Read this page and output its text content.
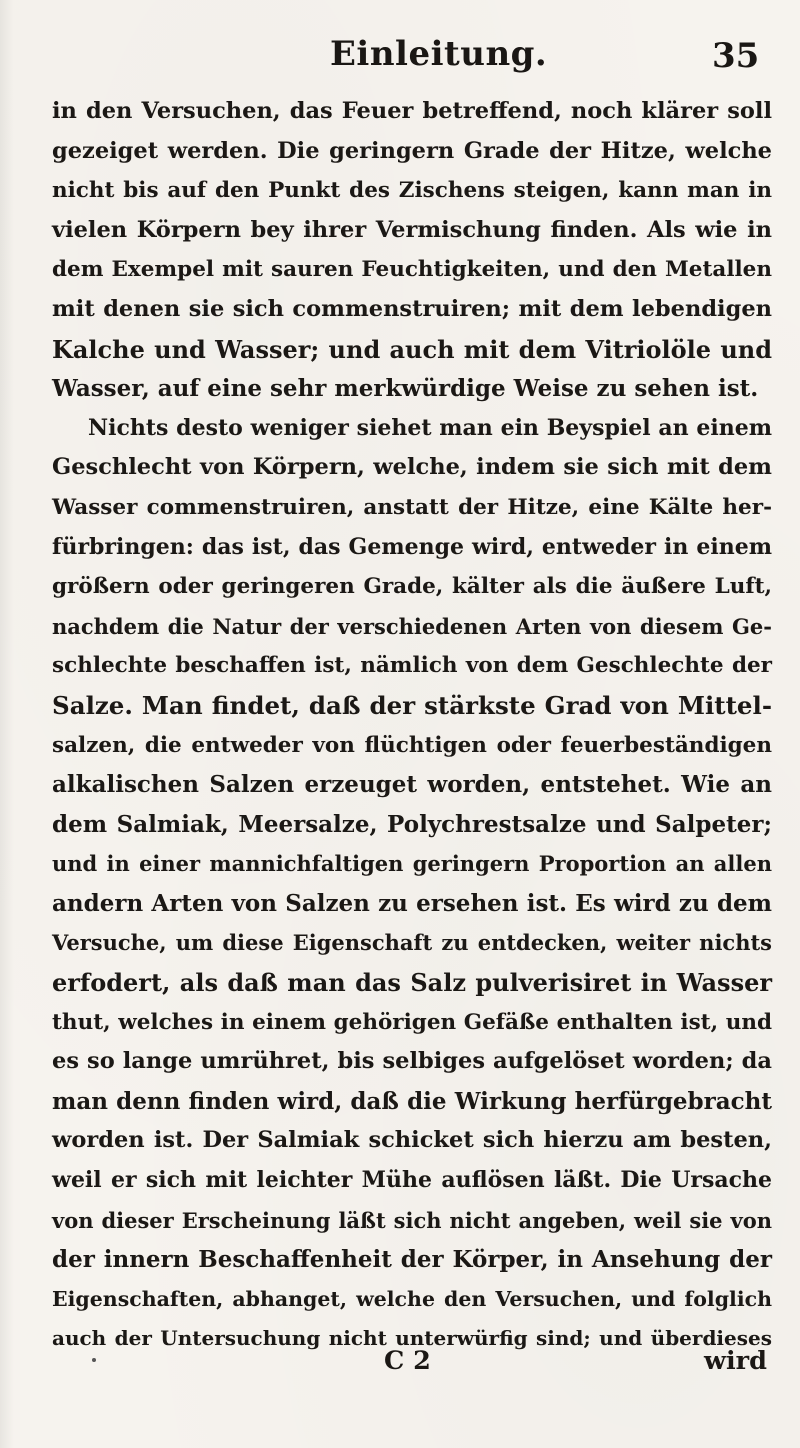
Einleitung.	35
in den Versuchen, das Feuer betreffend, noch klärer soll
gezeiget werden. Die geringern Grade der Hitze, welche
nicht bis auf den Punkt des Zischens steigen, kann man in
vielen Körpern bey ihrer Vermischung finden. Als wie in
dem Exempel mit sauren Feuchtigkeiten, und den Metallen
mit denen sie sich commenstruiren; mit dem lebendigen
Kalche und Wasser; und auch mit dem Vitriolöle und
Wasser, auf eine sehr merkwürdige Weise zu sehen ist.
Nichts desto weniger siehet man ein Beyspiel an einem
Geschlecht von Körpern, welche, indem sie sich mit dem
Wasser commenstruiren, anstatt der Hitze, eine Kälte her-
fürbringen: das ist, das Gemenge wird, entweder in einem
größern oder geringeren Grade, kälter als die äußere Luft,
nachdem die Natur der verschiedenen Arten von diesem Ge-
schlechte beschaffen ist, nämlich von dem Geschlechte der
Salze. Man findet, daß der stärkste Grad von Mittel-
salzen, die entweder von flüchtigen oder feuerbeständigen
alkalischen Salzen erzeuget worden, entstehet. Wie an
dem Salmiak, Meersalze, Polychrestsalze und Salpeter;
und in einer mannichfaltigen geringern Proportion an allen
andern Arten von Salzen zu ersehen ist. Es wird zu dem
Versuche, um diese Eigenschaft zu entdecken, weiter nichts
erfodert, als daß man das Salz pulverisiret in Wasser
thut, welches in einem gehörigen Gefäße enthalten ist, und
es so lange umrühret, bis selbiges aufgelöset worden; da
man denn finden wird, daß die Wirkung herfürgebracht
worden ist. Der Salmiak schicket sich hierzu am besten,
weil er sich mit leichter Mühe auflösen läßt. Die Ursache
von dieser Erscheinung läßt sich nicht angeben, weil sie von
der innern Beschaffenheit der Körper, in Ansehung der
Eigenschaften, abhanget, welche den Versuchen, und folglich
auch der Untersuchung nicht unterwürfig sind; und überdieses
C 2	wird
